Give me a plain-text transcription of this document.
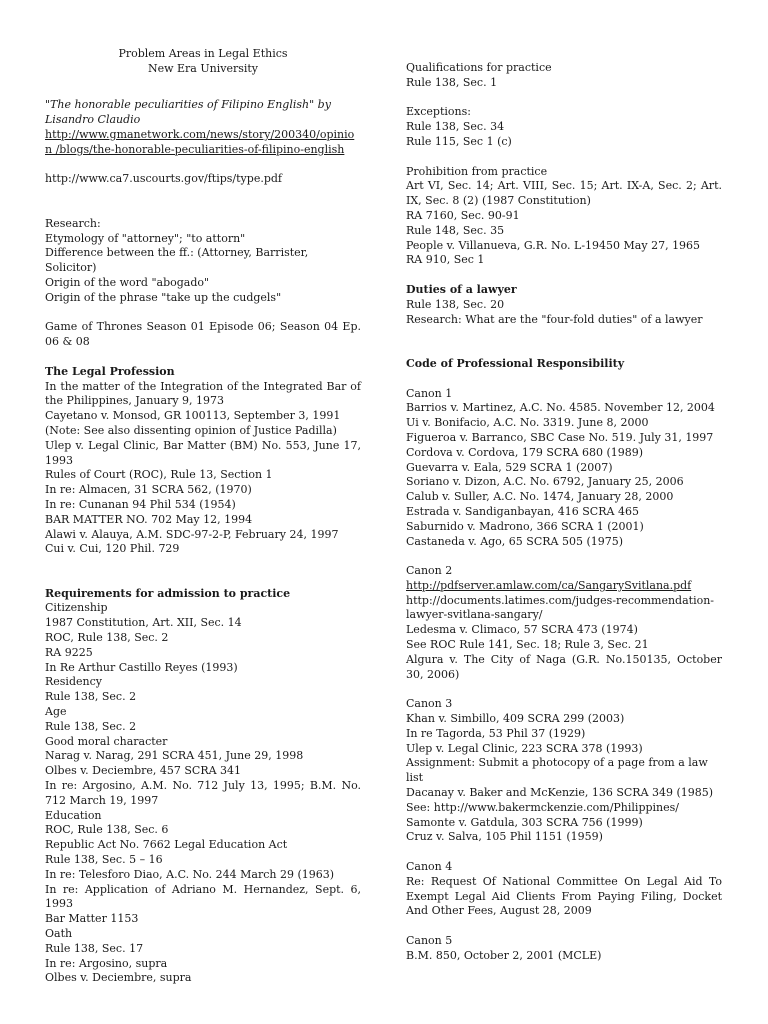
Problem Areas in Legal Ethics
New Era University
"The honorable peculiarities of Filipino English" by Lisandro Claudio
http://www.gmanetwork.com/news/story/200340/opinion /blogs/the-honorable-peculiarities-of-filipino-english
http://www.ca7.uscourts.gov/ftips/type.pdf
Research:
Etymology of "attorney"; "to attorn"
Difference between the ff.: (Attorney, Barrister, Solicitor)
Origin of the word "abogado"
Origin of the phrase "take up the cudgels"
Game of Thrones Season 01 Episode 06; Season 04 Ep. 06 & 08
The Legal Profession
In the matter of the Integration of the Integrated Bar of the Philippines, January 9, 1973
Cayetano v. Monsod, GR 100113, September 3, 1991
(Note: See also dissenting opinion of Justice Padilla)
Ulep v. Legal Clinic, Bar Matter (BM) No. 553, June 17, 1993
Rules of Court (ROC), Rule 13, Section 1
In re: Almacen, 31 SCRA 562, (1970)
In re: Cunanan 94 Phil 534 (1954)
BAR MATTER NO. 702 May 12, 1994
Alawi v. Alauya, A.M. SDC-97-2-P, February 24, 1997
Cui v. Cui, 120 Phil. 729
Requirements for admission to practice
Citizenship
1987 Constitution, Art. XII, Sec. 14
ROC, Rule 138, Sec. 2
RA 9225
In Re Arthur Castillo Reyes (1993)
Residency
Rule 138, Sec. 2
Age
Rule 138, Sec. 2
Good moral character
Narag v. Narag, 291 SCRA 451, June 29, 1998
Olbes v. Deciembre, 457 SCRA 341
In re: Argosino, A.M. No. 712 July 13, 1995; B.M. No. 712 March 19, 1997
Education
ROC, Rule 138, Sec. 6
Republic Act No. 7662 Legal Education Act
Rule 138, Sec. 5 – 16
In re: Telesforo Diao, A.C. No. 244 March 29 (1963)
In re: Application of Adriano M. Hernandez, Sept. 6, 1993
Bar Matter 1153
Oath
Rule 138, Sec. 17
In re: Argosino, supra
Olbes v. Deciembre, supra
Qualifications for practice
Rule 138, Sec. 1
Exceptions:
Rule 138, Sec. 34
Rule 115, Sec 1 (c)
Prohibition from practice
Art VI, Sec. 14; Art. VIII, Sec. 15; Art. IX-A, Sec. 2; Art. IX, Sec. 8 (2) (1987 Constitution)
RA 7160, Sec. 90-91
Rule 148, Sec. 35
People v. Villanueva, G.R. No. L-19450 May 27, 1965
RA 910, Sec 1
Duties of a lawyer
Rule 138, Sec. 20
Research: What are the "four-fold duties" of a lawyer
Code of Professional Responsibility
Canon 1
Barrios v. Martinez, A.C. No. 4585. November 12, 2004
Ui v. Bonifacio, A.C. No. 3319. June 8, 2000
Figueroa v. Barranco, SBC Case No. 519. July 31, 1997
Cordova v. Cordova, 179 SCRA 680 (1989)
Guevarra v. Eala, 529 SCRA 1 (2007)
Soriano v. Dizon, A.C. No. 6792, January 25, 2006
Calub v. Suller, A.C. No. 1474, January 28, 2000
Estrada v. Sandiganbayan, 416 SCRA 465
Saburnido v. Madrono, 366 SCRA 1 (2001)
Castaneda v. Ago, 65 SCRA 505 (1975)
Canon 2
http://pdfserver.amlaw.com/ca/SangarySvitlana.pdf
http://documents.latimes.com/judges-recommendation-lawyer-svitlana-sangary/
Ledesma v. Climaco, 57 SCRA 473 (1974)
See ROC Rule 141, Sec. 18; Rule 3, Sec. 21
Algura v. The City of Naga (G.R. No.150135, October 30, 2006)
Canon 3
Khan v. Simbillo, 409 SCRA 299 (2003)
In re Tagorda, 53 Phil 37 (1929)
Ulep v. Legal Clinic, 223 SCRA 378 (1993)
Assignment: Submit a photocopy of a page from a law list
Dacanay v. Baker and McKenzie, 136 SCRA 349 (1985)
See: http://www.bakermckenzie.com/Philippines/
Samonte v. Gatdula, 303 SCRA 756 (1999)
Cruz v. Salva, 105 Phil 1151 (1959)
Canon 4
Re: Request Of National Committee On Legal Aid To Exempt Legal Aid Clients From Paying Filing, Docket And Other Fees, August 28, 2009
Canon 5
B.M. 850, October 2, 2001 (MCLE)
